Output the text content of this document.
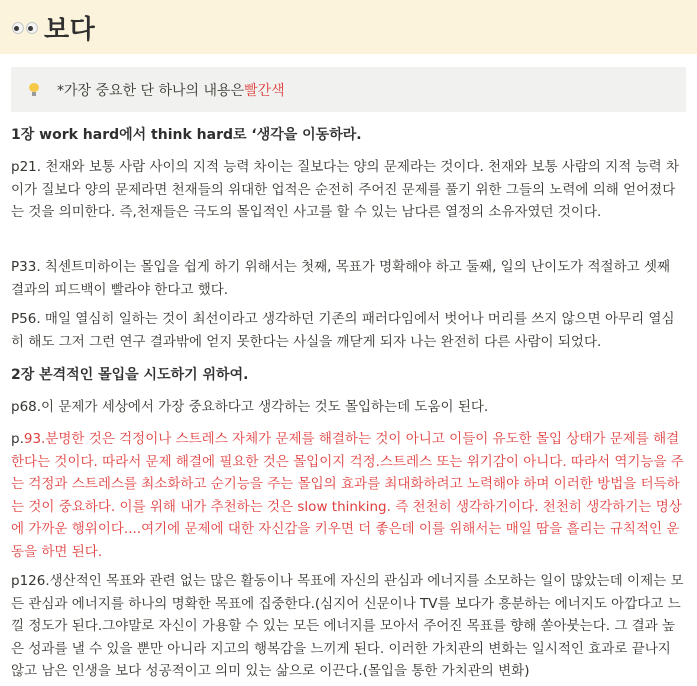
보다
*가장 중요한 단 하나의 내용은 빨간색
1장 work hard에서 think hard로 ‘생각을 이동하라.
p21. 천재와 보통 사람 사이의 지적 능력 차이는 질보다는 양의 문제라는 것이다. 천재와 보통 사람의 지적 능력 차이가 질보다 양의 문제라면 천재들의 위대한 업적은 순전히 주어진 문제를 풀기 위한 그들의 노력에 의해 얻어졌다는 것을 의미한다. 즉,천재들은 극도의 몰입적인 사고를 할 수 있는 남다른 열정의 소유자였던 것이다.
P33. 칙센트미하이는 몰입을 쉽게 하기 위해서는 첫째, 목표가 명확해야 하고 둘째, 일의 난이도가 적절하고 셋째 결과의 피드백이 빨라야 한다고 했다.
P56. 매일 열심히 일하는 것이 최선이라고 생각하던 기존의 패러다임에서 벗어나 머리를 쓰지 않으면 아무리 열심히 해도 그저 그런 연구 결과밖에 얻지 못한다는 사실을 깨닫게 되자 나는 완전히 다른 사람이 되었다.
2장 본격적인 몰입을 시도하기 위하여.
p68.이 문제가 세상에서 가장 중요하다고 생각하는 것도 몰입하는데 도움이 된다.
p.93.분명한 것은 걱정이나 스트레스 자체가 문제를 해결하는 것이 아니고 이들이 유도한 몰입 상태가 문제를 해결한다는 것이다. 따라서 문제 해결에 필요한 것은 몰입이지 걱정.스트레스 또는 위기감이 아니다. 따라서 역기능을 주는 걱정과 스트레스를 최소화하고 순기능을 주는 몰입의 효과를 최대화하려고 노력해야 하며 이러한 방법을 터득하는 것이 중요하다. 이를 위해 내가 추천하는 것은 slow thinking. 즉 천천히 생각하기이다. 천천히 생각하기는 명상에 가까운 행위이다....여기에 문제에 대한 자신감을 키우면 더 좋은데 이를 위해서는 매일 땀을 흘리는 규칙적인 운동을 하면 된다.
p126.생산적인 목표와 관련 없는 많은 활동이나 목표에 자신의 관심과 에너지를 소모하는 일이 많았는데 이제는 모든 관심과 에너지를 하나의 명확한 목표에 집중한다.(심지어 신문이나 TV를 보다가 흥분하는 에너지도 아깝다고 느낄 정도가 된다.그야말로 자신이 가용할 수 있는 모든 에너지를 모아서 주어진 목표를 향해 쏟아붓는다. 그 결과 높은 성과를 낼 수 있을 뿐만 아니라 지고의 행복감을 느끼게 된다. 이러한 가치관의 변화는 일시적인 효과로 끝나지 않고 남은 인생을 보다 성공적이고 의미 있는 삶으로 이끈다.(몰입을 통한 가치관의 변화)
